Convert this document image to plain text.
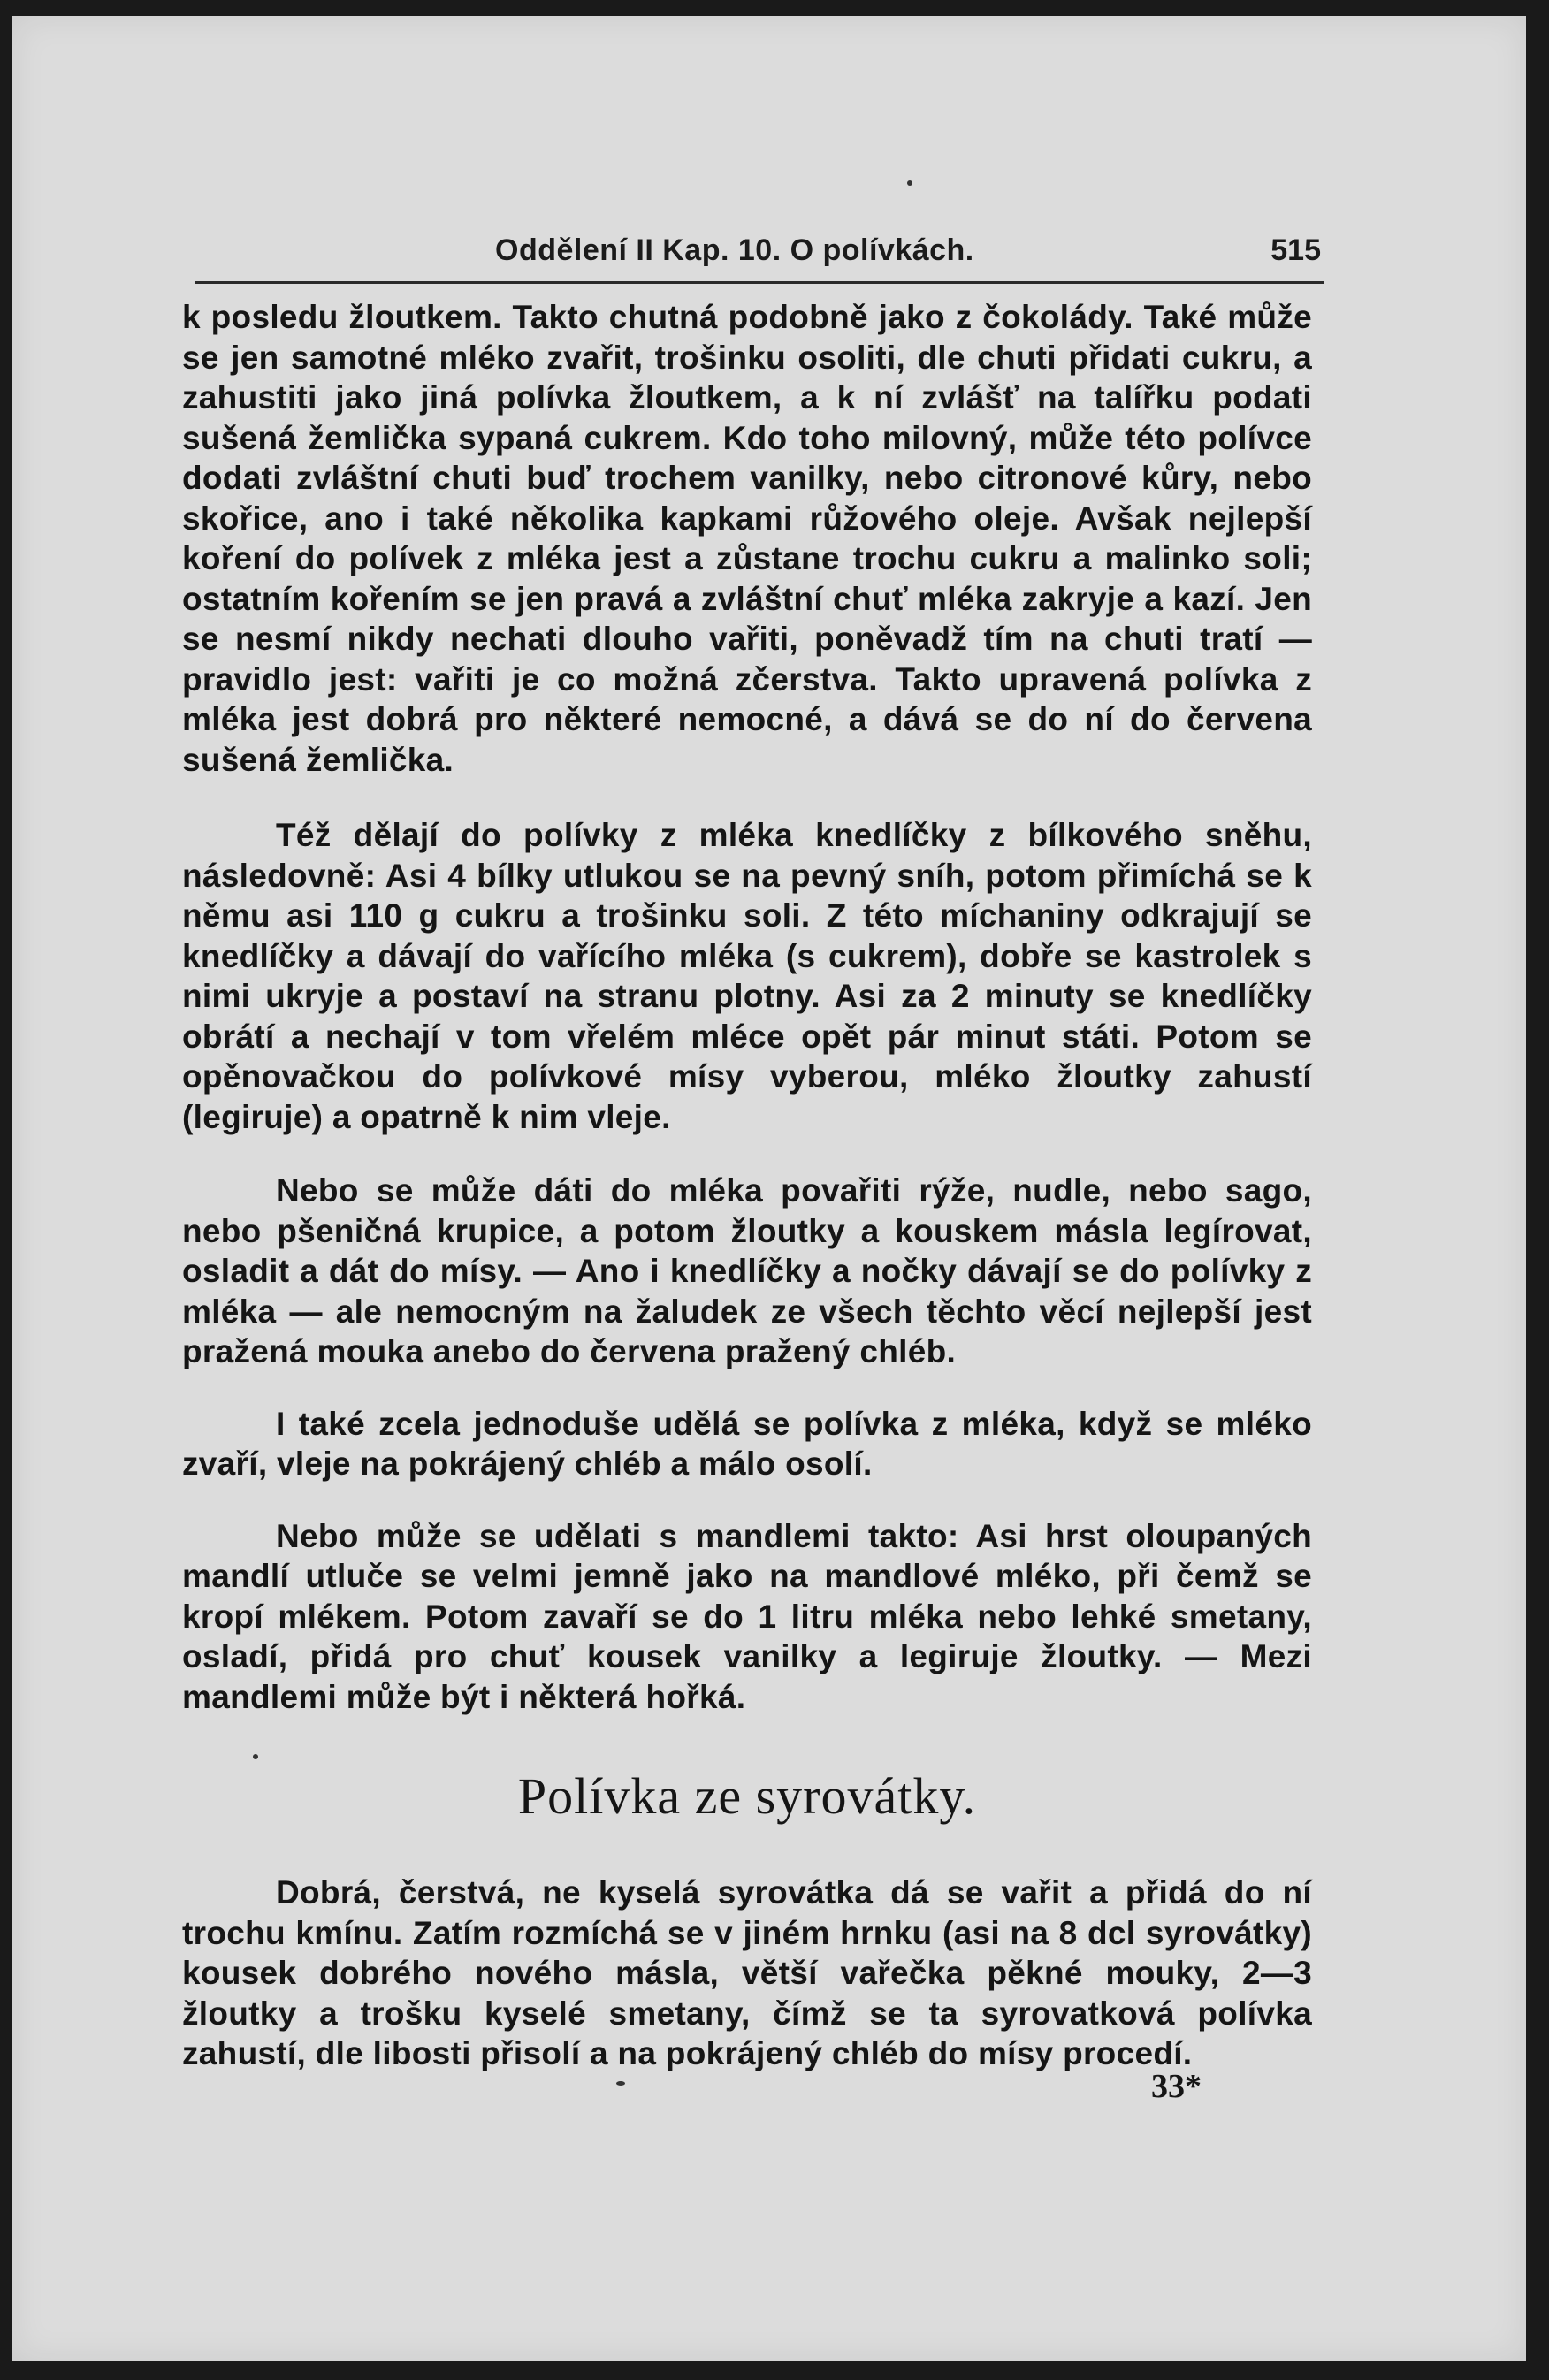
Oddělení II Kap. 10. O polívkách.	515

k posledu žloutkem. Takto chutná podobně jako z čokolády. Také může se jen samotné mléko zvařit, trošinku osoliti, dle chuti přidati cukru, a zahustiti jako jiná polívka žloutkem, a k ní zvlášť na talířku podati sušená žemlička sypaná cukrem. Kdo toho milovný, může této polívce dodati zvláštní chuti buď trochem vanilky, nebo citronové kůry, nebo skořice, ano i také několika kapkami růžového oleje. Avšak nejlepší koření do polívek z mléka jest a zůstane trochu cukru a malinko soli; ostatním kořením se jen pravá a zvláštní chuť mléka zakryje a kazí. Jen se nesmí nikdy nechati dlouho vařiti, poněvadž tím na chuti tratí — pravidlo jest: vařiti je co možná zčerstva. Takto upravená polívka z mléka jest dobrá pro některé nemocné, a dává se do ní do červena sušená žemlička.

Též dělají do polívky z mléka knedlíčky z bílkového sněhu, následovně: Asi 4 bílky utlukou se na pevný sníh, potom přimíchá se k němu asi 110 g cukru a trošinku soli. Z této míchaniny odkrajují se knedlíčky a dávají do vařícího mléka (s cukrem), dobře se kastrolek s nimi ukryje a postaví na stranu plotny. Asi za 2 minuty se knedlíčky obrátí a nechají v tom vřelém mléce opět pár minut státi. Potom se opěnovačkou do polívkové mísy vyberou, mléko žloutky zahustí (legiruje) a opatrně k nim vleje.

Nebo se může dáti do mléka povařiti rýže, nudle, nebo sago, nebo pšeničná krupice, a potom žloutky a kouskem másla legírovat, osladit a dát do mísy. — Ano i knedlíčky a nočky dávají se do polívky z mléka — ale nemocným na žaludek ze všech těchto věcí nejlepší jest pražená mouka anebo do červena pražený chléb.

I také zcela jednoduše udělá se polívka z mléka, když se mléko zvaří, vleje na pokrájený chléb a málo osolí.

Nebo může se udělati s mandlemi takto: Asi hrst oloupaných mandlí utluče se velmi jemně jako na mandlové mléko, při čemž se kropí mlékem. Potom zavaří se do 1 litru mléka nebo lehké smetany, osladí, přidá pro chuť kousek vanilky a legiruje žloutky. — Mezi mandlemi může být i některá hořká.

Polívka ze syrovátky.

Dobrá, čerstvá, ne kyselá syrovátka dá se vařit a přidá do ní trochu kmínu. Zatím rozmíchá se v jiném hrnku (asi na 8 dcl syrovátky) kousek dobrého nového másla, větší vařečka pěkné mouky, 2—3 žloutky a trošku kyselé smetany, čímž se ta syrovatková polívka zahustí, dle libosti přisolí a na pokrájený chléb do mísy procedí.

33*
